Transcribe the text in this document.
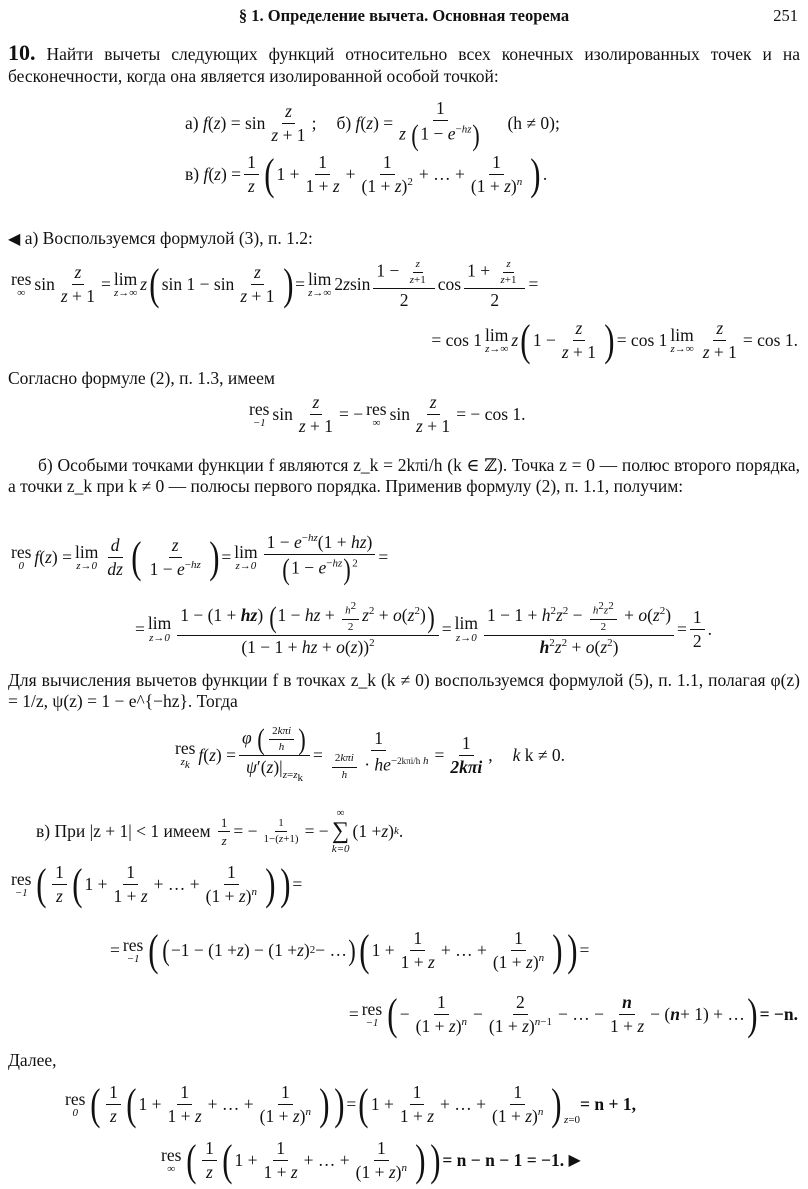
§ 1. Определение вычета. Основная теорема	251
10. Найти вычеты следующих функций относительно всех конечных изолированных точек и на бесконечности, когда она является изолированной особой точкой:
а)
f ( z ) = $\sin \frac{z}{z + 1}$ ; б)
f ( z ) = $\frac{1}{z (1 - e^{-hz})} (h \ne 0)$;
в)
f ( z ) = $\frac{1}{z}$ ( $1 + \frac{1}{1 + z} + \frac{1}{(1 + z)^2}$ + … + $\frac{1}{(1 + z)^n}$ ) .
◀ а) Воспользуемся формулой (3), п. 1.2:
res
∞ $\sin \frac{z}{z + 1} = \lim$
z→∞ z ( $\sin 1 - \sin \frac{z}{z + 1}$ ) = lim
z→∞ 2 z $\sin \frac{1 - \frac{z}{z+1}}{2}$ $\cos \frac{1 + \frac{z}{z+1}}{2}$ =
= cos 1 lim
z→∞ z ( $1 - \frac{z}{z + 1}$ ) = cos 1 lim
$z\to\infty \frac{z}{z + 1} = \cos 1$.
Согласно формуле (2), п. 1.3, имеем
res
−1 $\sin \frac{z}{z + 1}$ = − res
∞ $\sin \frac{z}{z + 1}$ = − cos 1.
б) Особыми точками функции f являются z_k = 2kπi/h (k ∈ ℤ). Точка z = 0 — полюс второго порядка, а точки z_k при k ≠ 0 — полюсы первого порядка. Применив формулу (2), п. 1.1, получим:
res
0 f ( z ) = lim
$z\to 0 \frac{d}{dz}$ ( $\frac{z}{1 - e^{-hz}}$ ) = lim
$z\to 0 \frac{1 - e^{-hz}(1 + hz)}{(1 - e^{-hz})^2}$ =
= lim
$z\to 0 \frac{1 - (1 + hz) (1 - hz + \frac{h^2}{2} z^2 + o(z^2))}{(1 - 1 + hz + o(z))^2} = \lim$
$z\to 0 \frac{1 - 1 + h^2z^2 - \frac{h^2z^2}{2} + o(z^2)}{h^2z^2 + o(z^2)} = \frac{1}{2}$ .
Для вычисления вычетов функции f в точках z_k (k ≠ 0) воспользуемся формулой (5), п. 1.1, полагая φ(z) = 1/z, ψ(z) = 1 − e^{−hz}. Тогда
res
$z_k$
f ( z ) = $\frac{\varphi ( \frac{\text{2kπi}}{h} )}{\psi'(z)|_{z=z_k}} = \frac{1}{\frac{\text{2kπi}}{h} \cdot he^{-2k\pi i/h h}} = \frac{1}{\text{2kπi}}$ , k
k ≠ 0.
в) При |z + 1| < 1 имеем
$\frac{1}{z}$ = − $\frac{1}{1-(z+1)}$ = −
∞
∑
k=0
(1 + z ) k .
res
−1 ( $\frac{1}{z}$ ( $1 + \frac{1}{1 + z}$ + … + $\frac{1}{(1 + z)^n}$ ) ) =
= res
−1 ( ( −1 − (1 + z ) − (1 + z ) 2 − … ) ( $1 + \frac{1}{1 + z}$ + … + $\frac{1}{(1 + z)^n}$ ) ) =
= res
−1 ( − $\frac{1}{(1 + z)^n} - \frac{2}{(1 + z)^{n-1}}$ − … − $\frac{n}{1 + z}$ − ( n + 1) + … ) = −n.
Далее,
res
0 ( $\frac{1}{z}$ ( $1 + \frac{1}{1 + z}$ + … + $\frac{1}{(1 + z)^n}$ ) ) = ( $1 + \frac{1}{1 + z}$ + … + $\frac{1}{(1 + z)^n}$ ) $_{z=0}$
= n + 1,
res
∞ ( $\frac{1}{z}$ ( $1 + \frac{1}{1 + z}$ + … + $\frac{1}{(1 + z)^n}$ ) ) = n − n − 1 = −1.
▶
